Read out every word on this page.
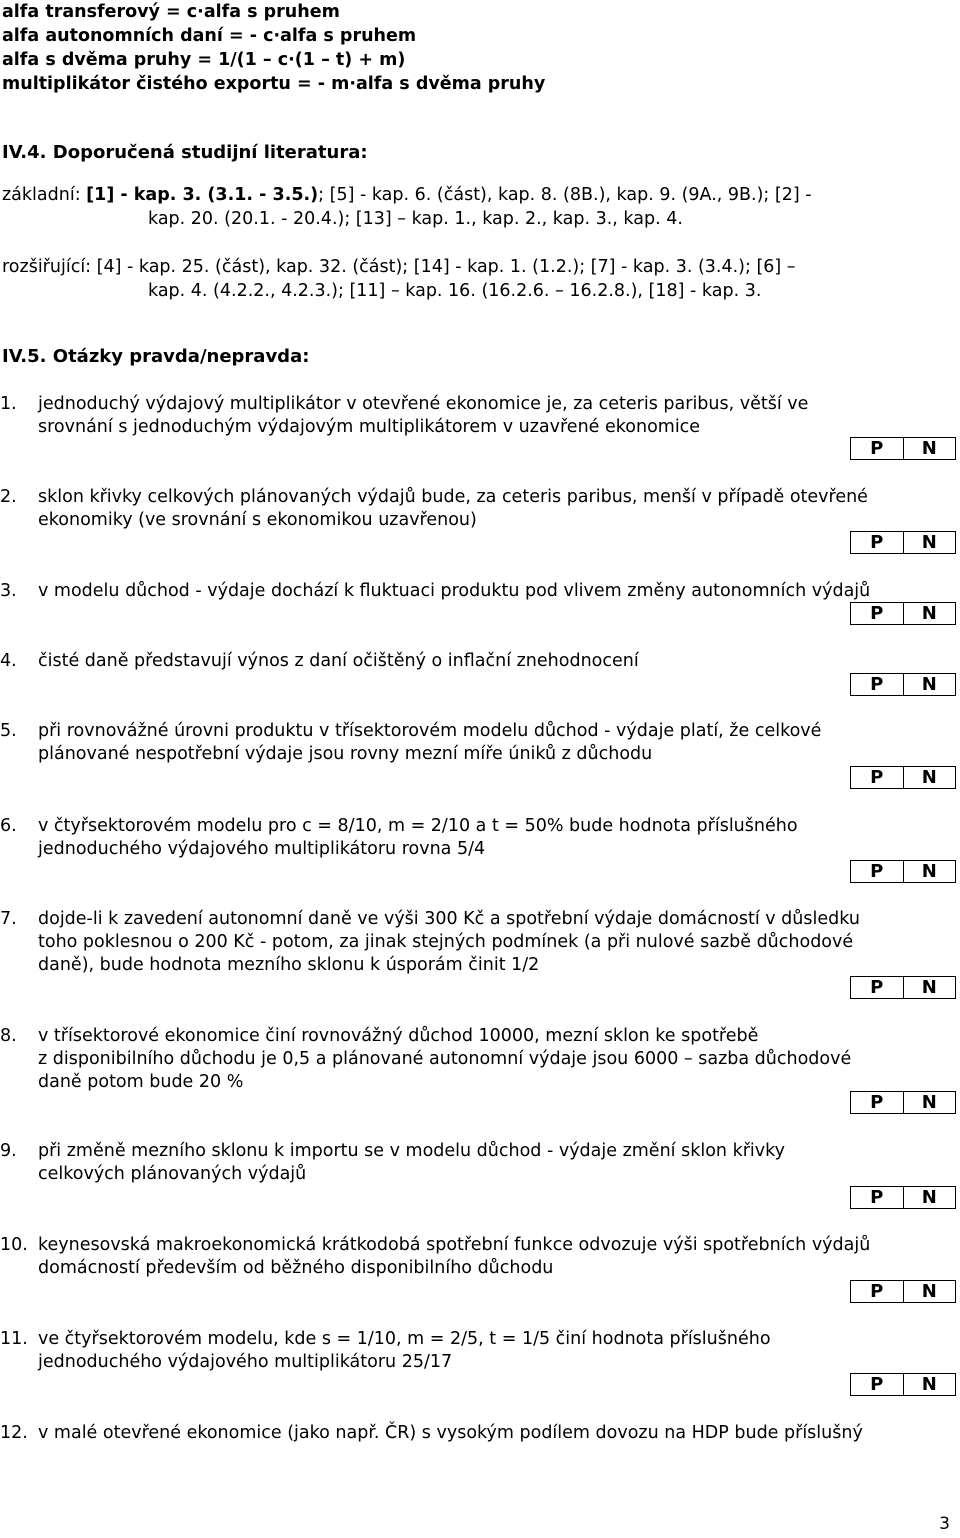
alfa transferový = c·alfa s pruhem
alfa autonomních daní = - c·alfa s pruhem
alfa s dvěma pruhy = 1/(1 – c·(1 – t) + m)
multiplikátor čistého exportu = - m·alfa s dvěma pruhy
IV.4. Doporučená studijní literatura:
základní: [1] - kap. 3. (3.1. - 3.5.); [5] - kap. 6. (část), kap. 8. (8B.), kap. 9. (9A., 9B.); [2] -
kap. 20. (20.1. - 20.4.); [13] – kap. 1., kap. 2., kap. 3., kap. 4.
rozšiřující: [4] - kap. 25. (část), kap. 32. (část); [14] - kap. 1. (1.2.); [7] - kap. 3. (3.4.); [6] –
kap. 4. (4.2.2., 4.2.3.); [11] – kap. 16. (16.2.6. – 16.2.8.), [18] - kap. 3.
IV.5. Otázky pravda/nepravda:
1.	jednoduchý výdajový multiplikátor v otevřené ekonomice je, za ceteris paribus, větší ve
srovnání s jednoduchým výdajovým multiplikátorem v uzavřené ekonomice
P	N
2.	sklon křivky celkových plánovaných výdajů bude, za ceteris paribus, menší v případě otevřené
ekonomiky (ve srovnání s ekonomikou uzavřenou)
P	N
3.	v modelu důchod - výdaje dochází k fluktuaci produktu pod vlivem změny autonomních výdajů
P	N
4.	čisté daně představují výnos z daní očištěný o inflační znehodnocení
P	N
5.	při rovnovážné úrovni produktu v třísektorovém modelu důchod - výdaje platí, že celkové
plánované nespotřební výdaje jsou rovny mezní míře úniků z důchodu
P	N
6.	v čtyřsektorovém modelu pro c = 8/10, m = 2/10 a t = 50% bude hodnota příslušného
jednoduchého výdajového multiplikátoru rovna 5/4
P	N
7.	dojde-li k zavedení autonomní daně ve výši 300 Kč a spotřební výdaje domácností v důsledku
toho poklesnou o 200 Kč - potom, za jinak stejných podmínek (a při nulové sazbě důchodové
daně), bude hodnota mezního sklonu k úsporám činit 1/2
P	N
8.	v třísektorové ekonomice činí rovnovážný důchod 10000, mezní sklon ke spotřebě
z disponibilního důchodu je 0,5 a plánované autonomní výdaje jsou 6000 – sazba důchodové
daně potom bude 20 %
P	N
9.	při změně mezního sklonu k importu se v modelu důchod - výdaje změní sklon křivky
celkových plánovaných výdajů
P	N
10. keynesovská makroekonomická krátkodobá spotřební funkce odvozuje výši spotřebních výdajů
domácností především od běžného disponibilního důchodu
P	N
11. ve čtyřsektorovém modelu, kde s = 1/10, m = 2/5, t = 1/5 činí hodnota příslušného
jednoduchého výdajového multiplikátoru 25/17
P	N
12. v malé otevřené ekonomice (jako např. ČR) s vysokým podílem dovozu na HDP bude příslušný
3
